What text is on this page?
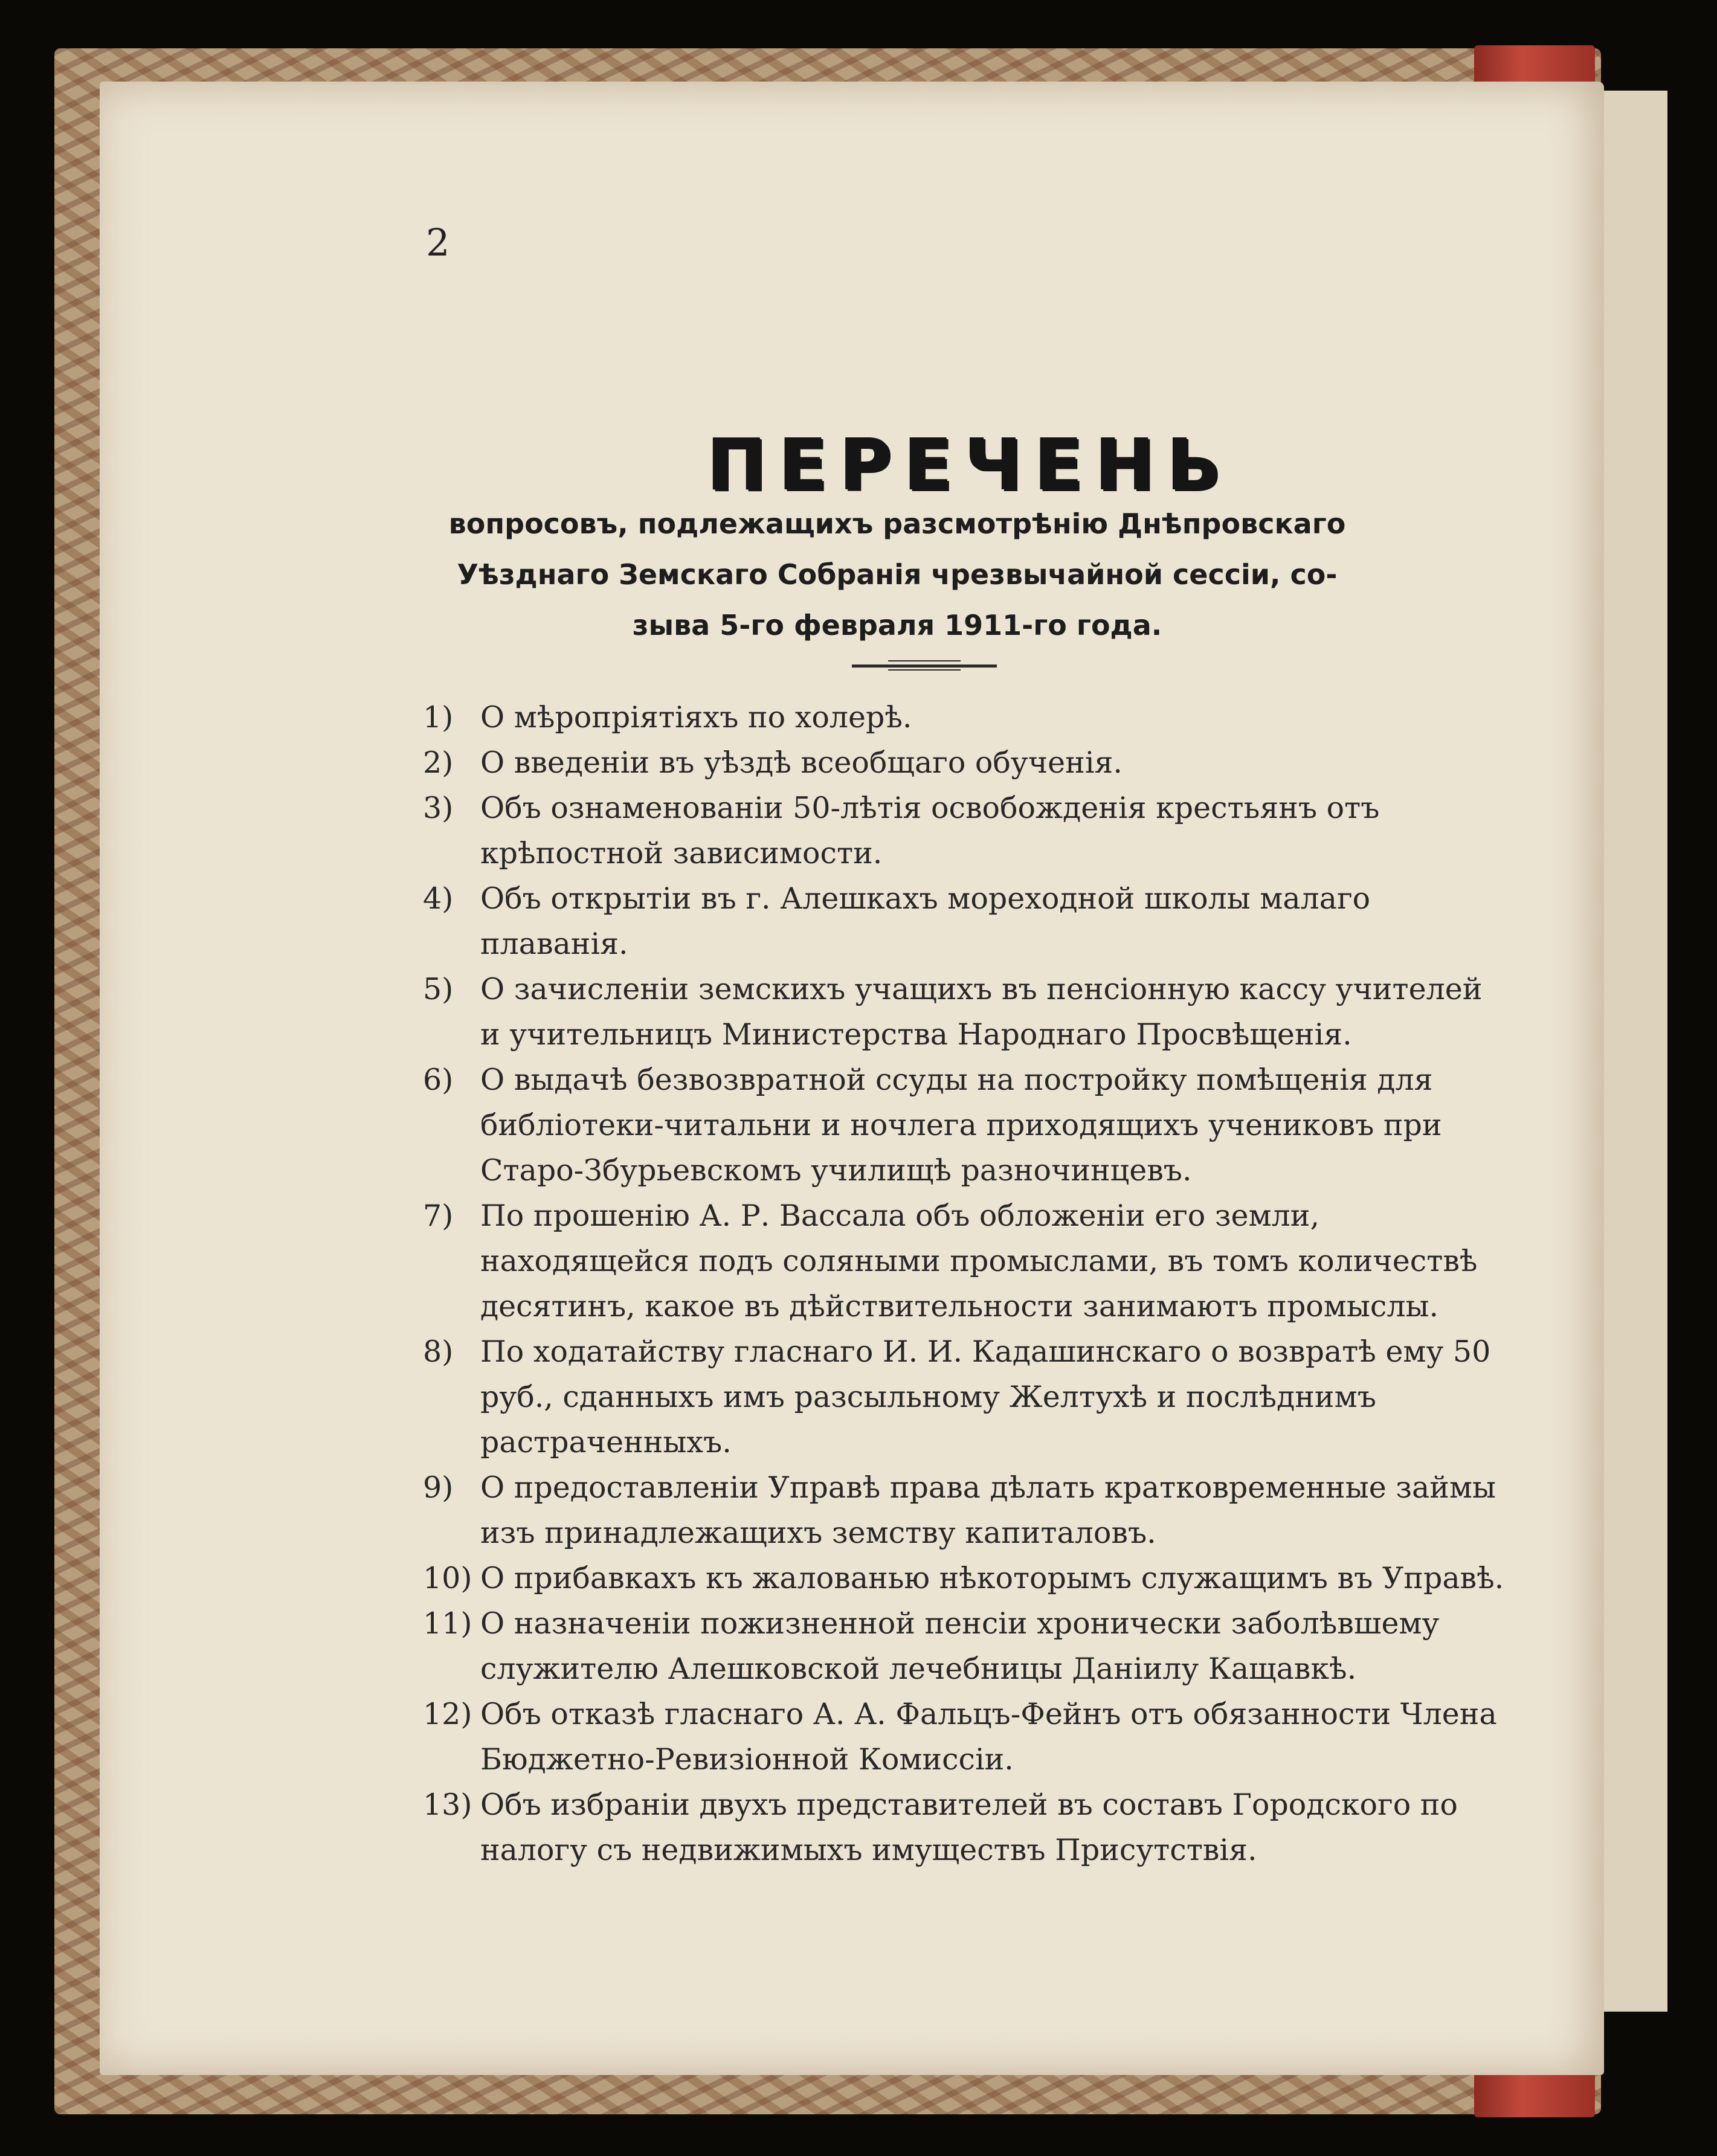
2
ПЕРЕЧЕНЬ
вопросовъ, подлежащихъ разсмотрѣнію Днѣпровскаго
Уѣзднаго Земскаго Собранія чрезвычайной сессіи, со-
зыва 5-го февраля 1911-го года.
1) О мѣропріятіяхъ по холерѣ.
2) О введеніи въ уѣздѣ всеобщаго обученія.
3) Объ ознаменованіи 50-лѣтія освобожденія крестьянъ отъ крѣпостной зависимости.
4) Объ открытіи въ г. Алешкахъ мореходной школы малаго плаванія.
5) О зачисленіи земскихъ учащихъ въ пенсіонную кассу учителей и учительницъ Министерства Народнаго Просвѣщенія.
6) О выдачѣ безвозвратной ссуды на постройку помѣщенія для библіотеки-читальни и ночлега приходящихъ учениковъ при Старо-Збурьевскомъ училищѣ разночинцевъ.
7) По прошенію А. Р. Вассала объ обложеніи его земли, находящейся подъ соляными промыслами, въ томъ количествѣ десятинъ, какое въ дѣйствительности занимаютъ промыслы.
8) По ходатайству гласнаго И. И. Кадашинскаго о возвратѣ ему 50 руб., сданныхъ имъ разсыльному Желтухѣ и послѣднимъ растраченныхъ.
9) О предоставленіи Управѣ права дѣлать кратковременные займы изъ принадлежащихъ земству капиталовъ.
10) О прибавкахъ къ жалованью нѣкоторымъ служащимъ въ Управѣ.
11) О назначеніи пожизненной пенсіи хронически заболѣвшему служителю Алешковской лечебницы Даніилу Кащавкѣ.
12) Объ отказѣ гласнаго А. А. Фальцъ-Фейнъ отъ обязанности Члена Бюджетно-Ревизіонной Комиссіи.
13) Объ избраніи двухъ представителей въ составъ Городского по налогу съ недвижимыхъ имуществъ Присутствія.
